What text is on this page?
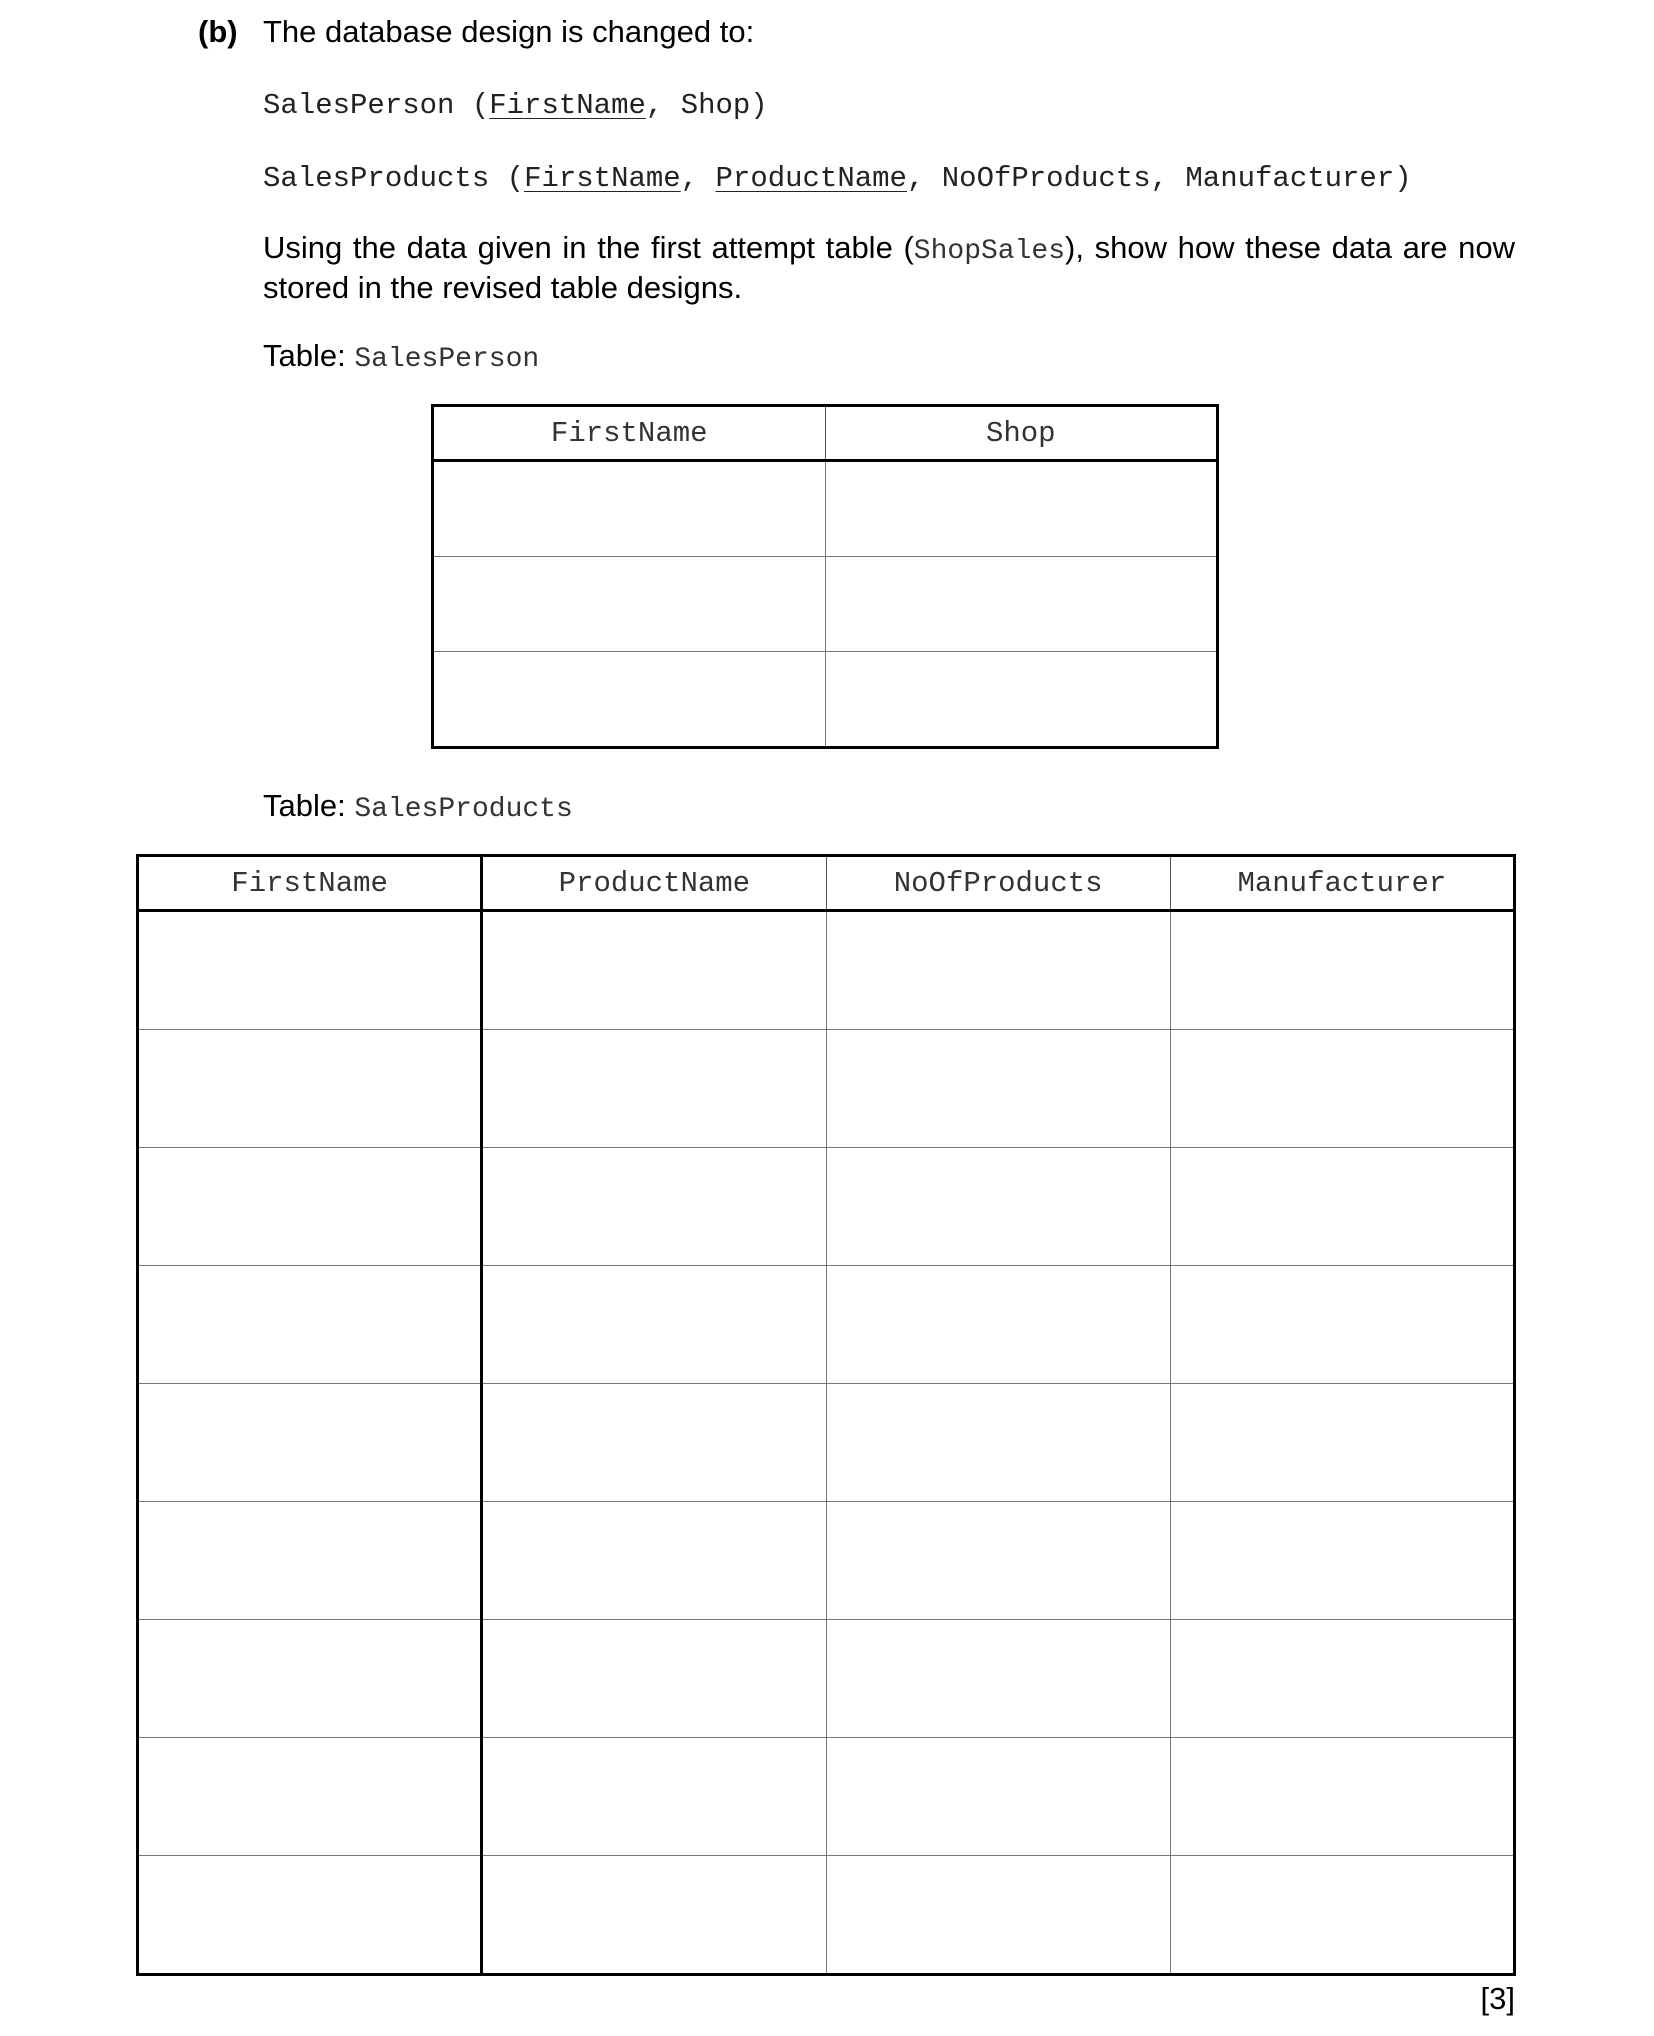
(b) The database design is changed to:
SalesPerson (FirstName, Shop)
SalesProducts (FirstName, ProductName, NoOfProducts, Manufacturer)
Using the data given in the first attempt table (ShopSales), show how these data are now stored in the revised table designs.
Table: SalesPerson
FirstName	Shop

Table: SalesProducts
FirstName	ProductName	NoOfProducts	Manufacturer

[3]
